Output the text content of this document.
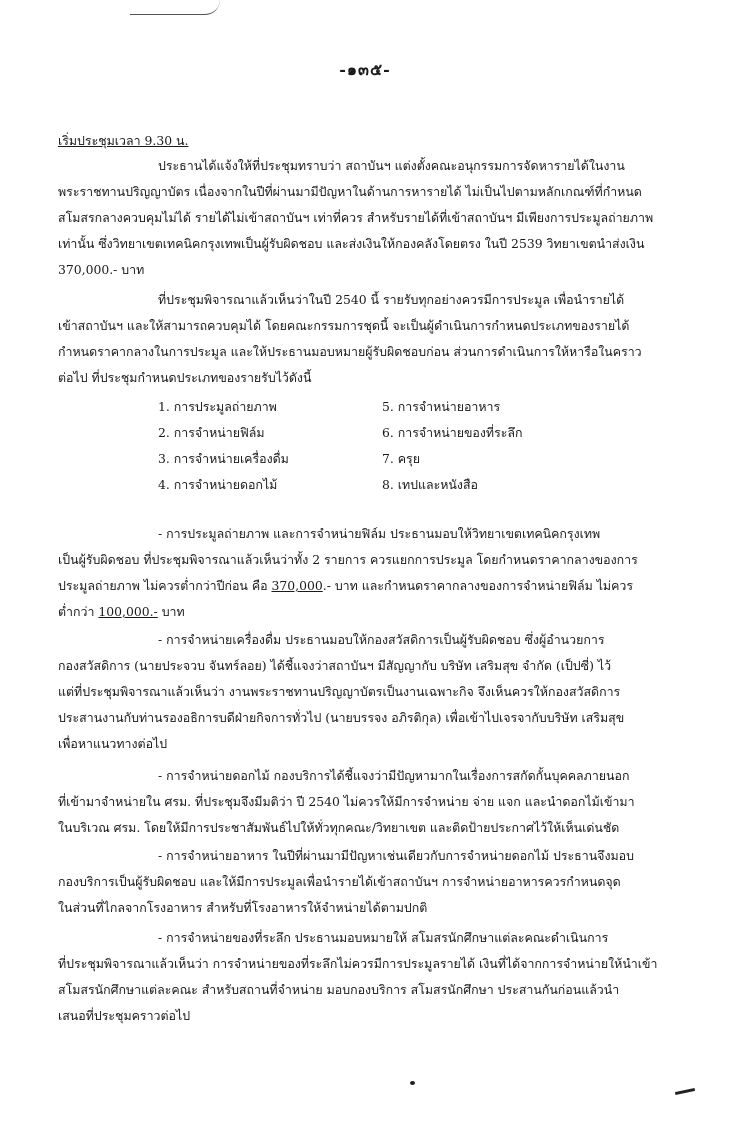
-๑๓๕-
เริ่มประชุมเวลา 9.30 น.
ประธานได้แจ้งให้ที่ประชุมทราบว่า สถาบันฯ แต่งตั้งคณะอนุกรรมการจัดหารายได้ในงาน
พระราชทานปริญญาบัตร เนื่องจากในปีที่ผ่านมามีปัญหาในด้านการหารายได้ ไม่เป็นไปตามหลักเกณฑ์ที่กำหนด
สโมสรกลางควบคุมไม่ได้ รายได้ไม่เข้าสถาบันฯ เท่าที่ควร สำหรับรายได้ที่เข้าสถาบันฯ มีเพียงการประมูลถ่ายภาพ
เท่านั้น ซึ่งวิทยาเขตเทคนิคกรุงเทพเป็นผู้รับผิดชอบ และส่งเงินให้กองคลังโดยตรง ในปี 2539 วิทยาเขตนำส่งเงิน
370,000.- บาท
ที่ประชุมพิจารณาแล้วเห็นว่าในปี 2540 นี้ รายรับทุกอย่างควรมีการประมูล เพื่อนำรายได้
เข้าสถาบันฯ และให้สามารถควบคุมได้ โดยคณะกรรมการชุดนี้ จะเป็นผู้ดำเนินการกำหนดประเภทของรายได้
กำหนดราคากลางในการประมูล และให้ประธานมอบหมายผู้รับผิดชอบก่อน ส่วนการดำเนินการให้หารือในคราว
ต่อไป ที่ประชุมกำหนดประเภทของรายรับไว้ดังนี้
1. การประมูลถ่ายภาพ
2. การจำหน่ายฟิล์ม
3. การจำหน่ายเครื่องดื่ม
4. การจำหน่ายดอกไม้
5. การจำหน่ายอาหาร
6. การจำหน่ายของที่ระลึก
7. ครุย
8. เทปและหนังสือ
- การประมูลถ่ายภาพ และการจำหน่ายฟิล์ม ประธานมอบให้วิทยาเขตเทคนิคกรุงเทพ
เป็นผู้รับผิดชอบ ที่ประชุมพิจารณาแล้วเห็นว่าทั้ง 2 รายการ ควรแยกการประมูล โดยกำหนดราคากลางของการ
ประมูลถ่ายภาพ ไม่ควรต่ำกว่าปีก่อน คือ 370,000.- บาท และกำหนดราคากลางของการจำหน่ายฟิล์ม ไม่ควร
ต่ำกว่า 100,000.- บาท
- การจำหน่ายเครื่องดื่ม ประธานมอบให้กองสวัสดิการเป็นผู้รับผิดชอบ ซึ่งผู้อำนวยการ
กองสวัสดิการ (นายประจวบ จันทร์ลอย) ได้ชี้แจงว่าสถาบันฯ มีสัญญากับ บริษัท เสริมสุข จำกัด (เป็ปซี่) ไว้
แต่ที่ประชุมพิจารณาแล้วเห็นว่า งานพระราชทานปริญญาบัตรเป็นงานเฉพาะกิจ จึงเห็นควรให้กองสวัสดิการ
ประสานงานกับท่านรองอธิการบดีฝ่ายกิจการทั่วไป (นายบรรจง อภิรติกุล) เพื่อเข้าไปเจรจากับบริษัท เสริมสุข
เพื่อหาแนวทางต่อไป
- การจำหน่ายดอกไม้ กองบริการได้ชี้แจงว่ามีปัญหามากในเรื่องการสกัดกั้นบุคคลภายนอก
ที่เข้ามาจำหน่ายใน ศรม. ที่ประชุมจึงมีมติว่า ปี 2540 ไม่ควรให้มีการจำหน่าย จ่าย แจก และนำดอกไม้เข้ามา
ในบริเวณ ศรม. โดยให้มีการประชาสัมพันธ์ไปให้ทั่วทุกคณะ/วิทยาเขต และติดป้ายประกาศไว้ให้เห็นเด่นชัด
- การจำหน่ายอาหาร ในปีที่ผ่านมามีปัญหาเช่นเดียวกับการจำหน่ายดอกไม้ ประธานจึงมอบ
กองบริการเป็นผู้รับผิดชอบ และให้มีการประมูลเพื่อนำรายได้เข้าสถาบันฯ การจำหน่ายอาหารควรกำหนดจุด
ในส่วนที่ไกลจากโรงอาหาร สำหรับที่โรงอาหารให้จำหน่ายได้ตามปกติ
- การจำหน่ายของที่ระลึก ประธานมอบหมายให้ สโมสรนักศึกษาแต่ละคณะดำเนินการ
ที่ประชุมพิจารณาแล้วเห็นว่า การจำหน่ายของที่ระลึกไม่ควรมีการประมูลรายได้ เงินที่ได้จากการจำหน่ายให้นำเข้า
สโมสรนักศึกษาแต่ละคณะ สำหรับสถานที่จำหน่าย มอบกองบริการ สโมสรนักศึกษา ประสานกันก่อนแล้วนำ
เสนอที่ประชุมคราวต่อไป
